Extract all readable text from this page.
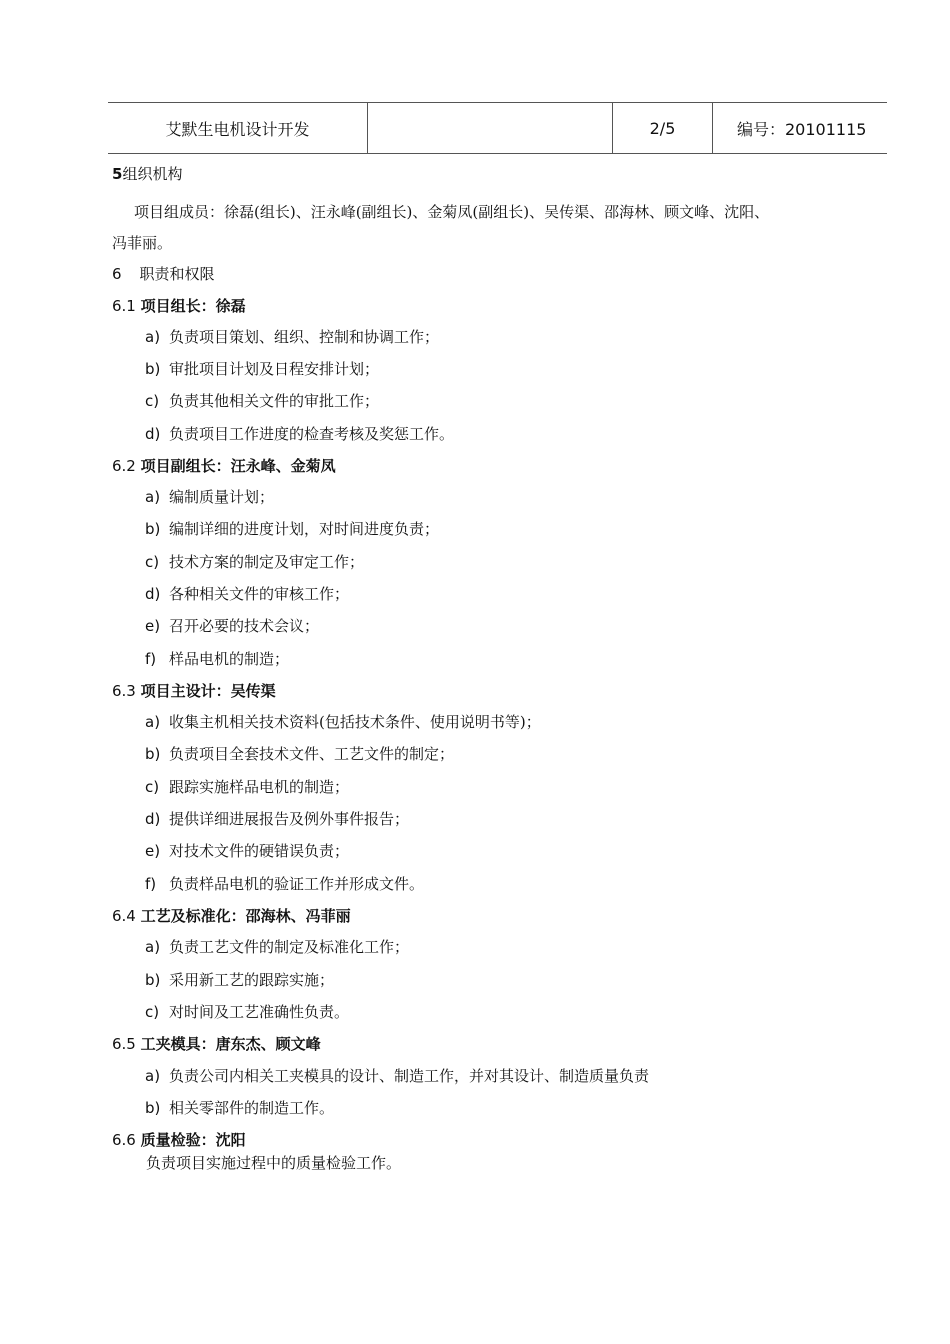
艾默生电机设计开发	2/5	编号：20101115
5组织机构
项目组成员：徐磊(组长)、汪永峰(副组长)、金菊凤(副组长)、吴传渠、邵海林、顾文峰、沈阳、
冯菲丽。
6 职责和权限
6.1 项目组长：徐磊
a) 负责项目策划、组织、控制和协调工作；
b) 审批项目计划及日程安排计划；
c) 负责其他相关文件的审批工作；
d) 负责项目工作进度的检查考核及奖惩工作。
6.2 项目副组长：汪永峰、金菊凤
a) 编制质量计划；
b) 编制详细的进度计划，对时间进度负责；
c) 技术方案的制定及审定工作；
d) 各种相关文件的审核工作；
e) 召开必要的技术会议；
f) 样品电机的制造；
6.3 项目主设计：吴传渠
a) 收集主机相关技术资料(包括技术条件、使用说明书等)；
b) 负责项目全套技术文件、工艺文件的制定；
c) 跟踪实施样品电机的制造；
d) 提供详细进展报告及例外事件报告；
e) 对技术文件的硬错误负责；
f) 负责样品电机的验证工作并形成文件。
6.4 工艺及标准化：邵海林、冯菲丽
a) 负责工艺文件的制定及标准化工作；
b) 采用新工艺的跟踪实施；
c) 对时间及工艺准确性负责。
6.5 工夹模具：唐东杰、顾文峰
a) 负责公司内相关工夹模具的设计、制造工作，并对其设计、制造质量负责
b) 相关零部件的制造工作。
6.6 质量检验：沈阳
负责项目实施过程中的质量检验工作。
